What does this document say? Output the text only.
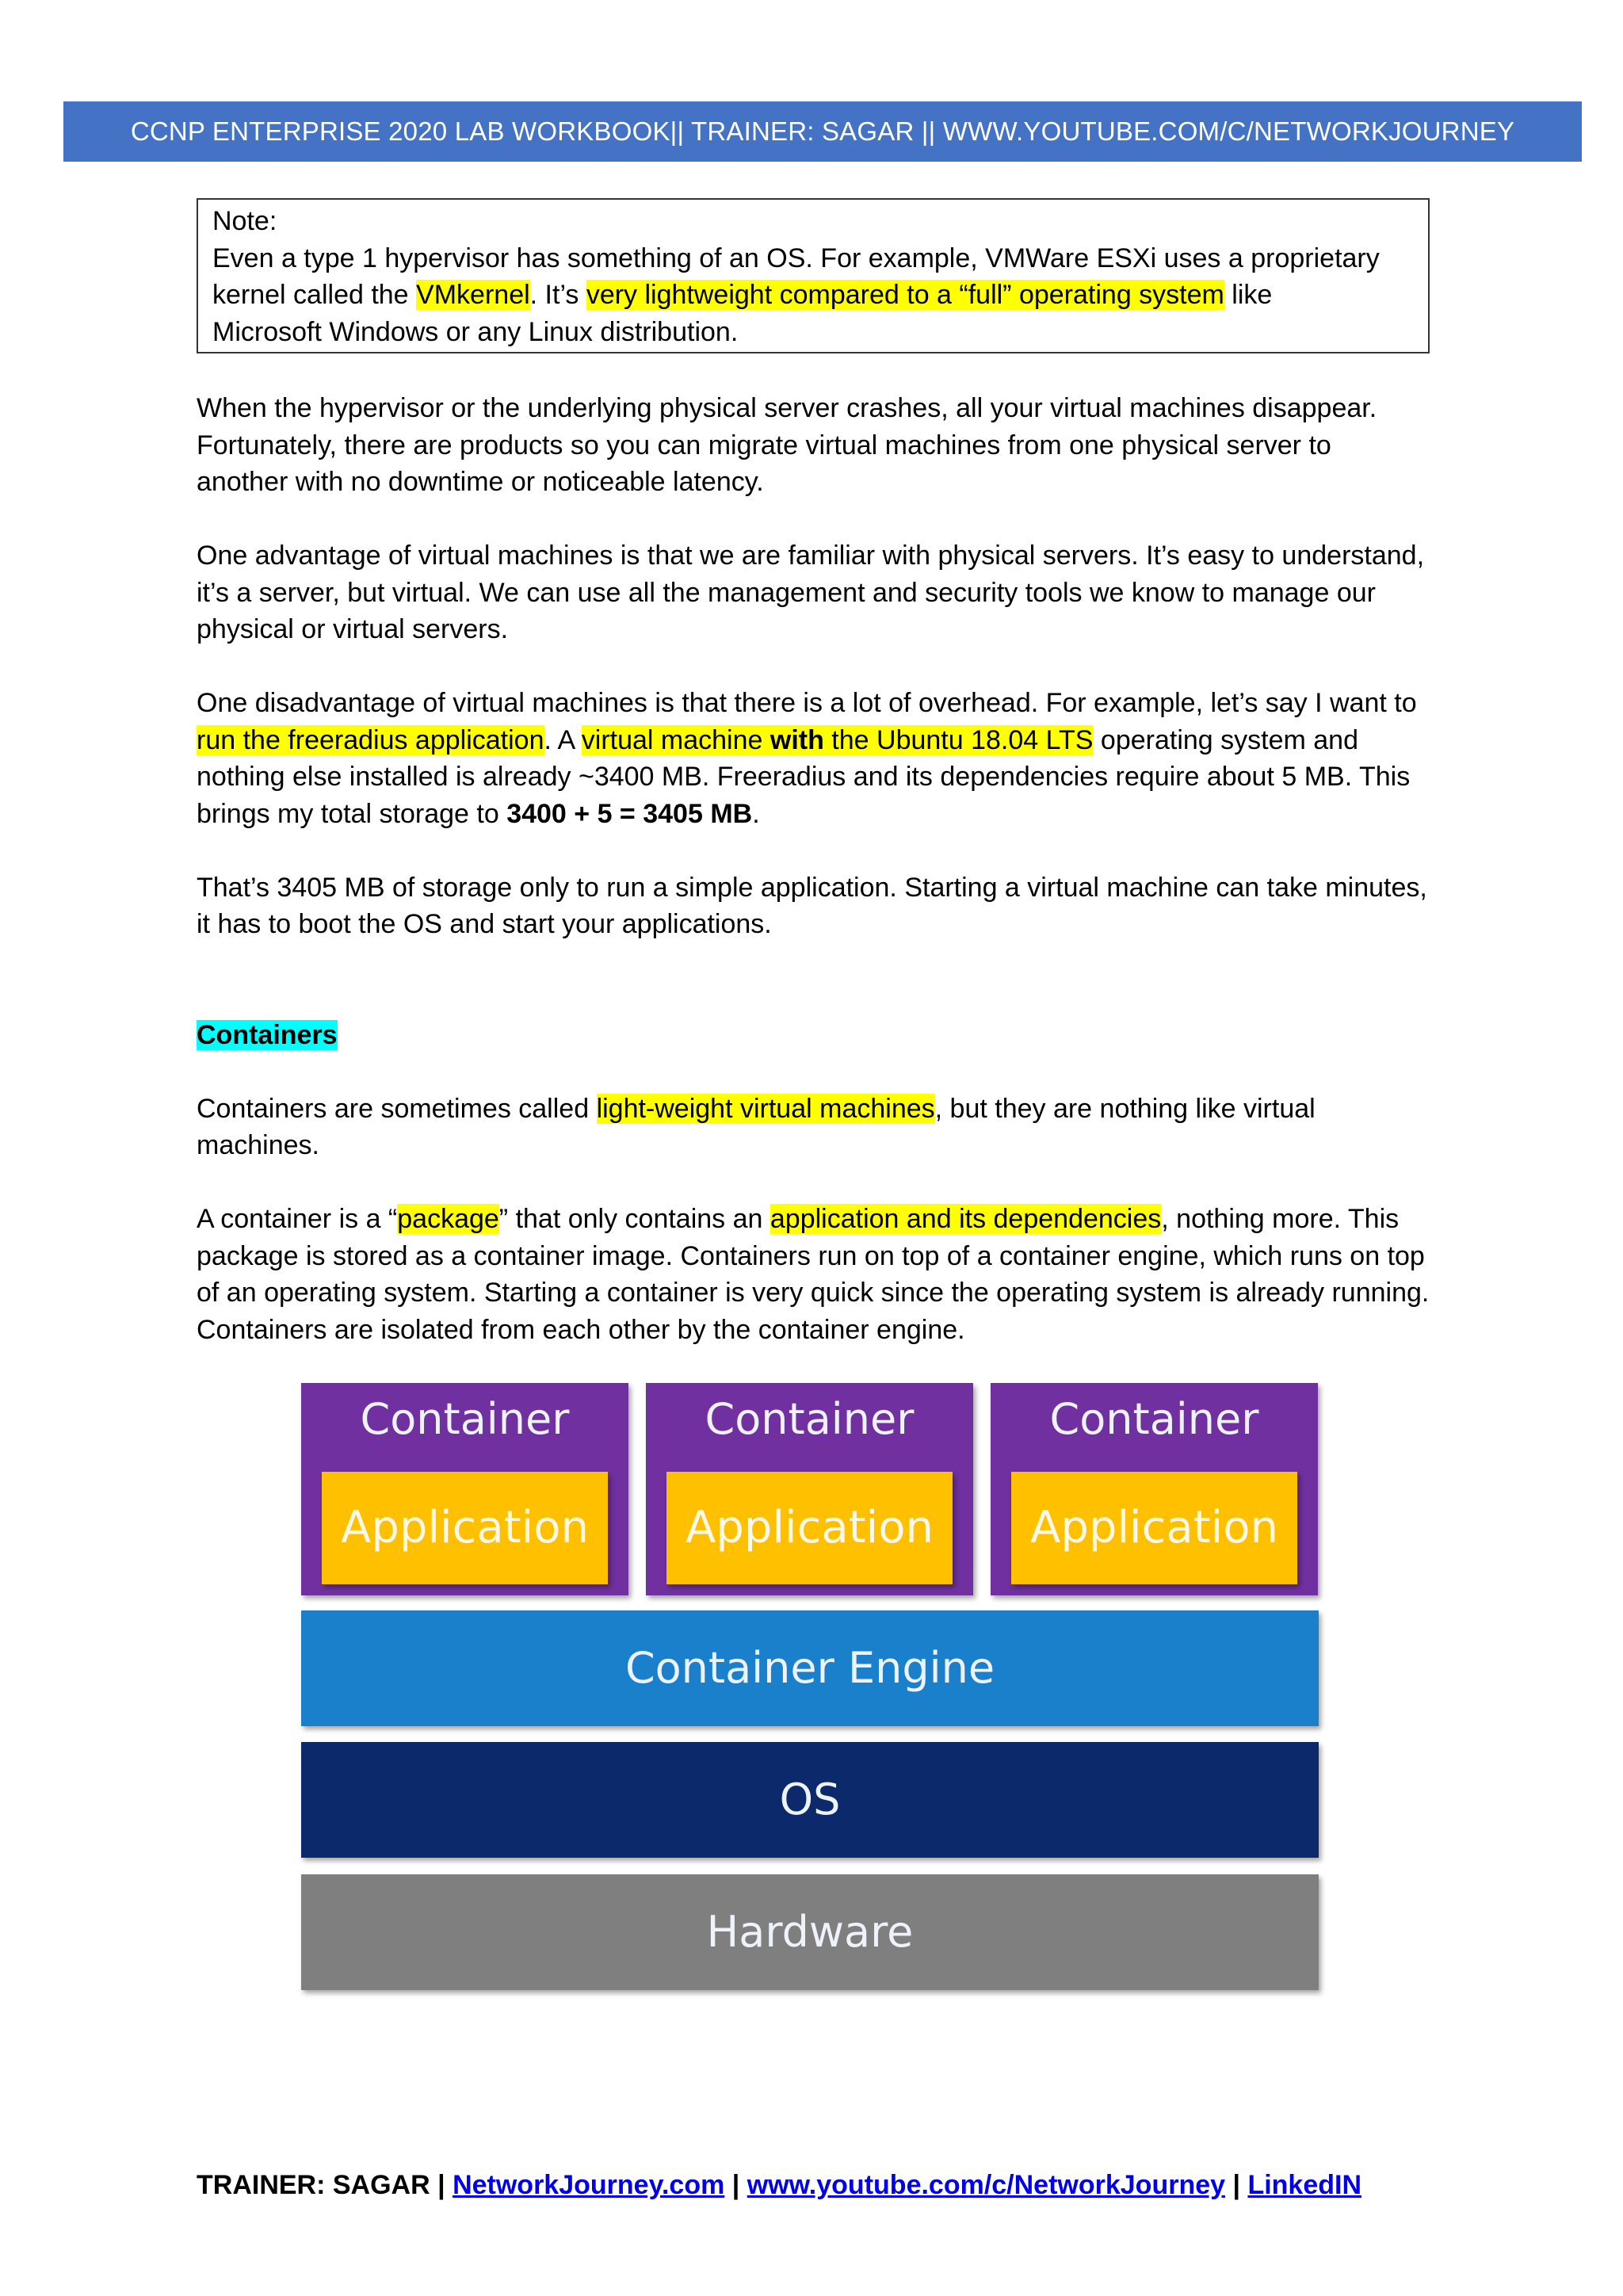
CCNP ENTERPRISE 2020 LAB WORKBOOK|| TRAINER: SAGAR || WWW.YOUTUBE.COM/C/NETWORKJOURNEY
Note:
Even a type 1 hypervisor has something of an OS. For example, VMWare ESXi uses a proprietary
kernel called the VMkernel. It’s very lightweight compared to a “full” operating system like
Microsoft Windows or any Linux distribution.

When the hypervisor or the underlying physical server crashes, all your virtual machines disappear. Fortunately, there are products so you can migrate virtual machines from one physical server to another with no downtime or noticeable latency.

One advantage of virtual machines is that we are familiar with physical servers. It’s easy to understand, it’s a server, but virtual. We can use all the management and security tools we know to manage our physical or virtual servers.

One disadvantage of virtual machines is that there is a lot of overhead. For example, let’s say I want to run the freeradius application. A virtual machine with the Ubuntu 18.04 LTS operating system and nothing else installed is already ~3400 MB. Freeradius and its dependencies require about 5 MB. This brings my total storage to 3400 + 5 = 3405 MB.

That’s 3405 MB of storage only to run a simple application. Starting a virtual machine can take minutes, it has to boot the OS and start your applications.

Containers

Containers are sometimes called light-weight virtual machines, but they are nothing like virtual machines.

A container is a “package” that only contains an application and its dependencies, nothing more. This package is stored as a container image. Containers run on top of a container engine, which runs on top of an operating system. Starting a container is very quick since the operating system is already running. Containers are isolated from each other by the container engine.

Container
Application
Container
Application
Container
Application
Container Engine
OS
Hardware
TRAINER: SAGAR | NetworkJourney.com | www.youtube.com/c/NetworkJourney | LinkedIN
